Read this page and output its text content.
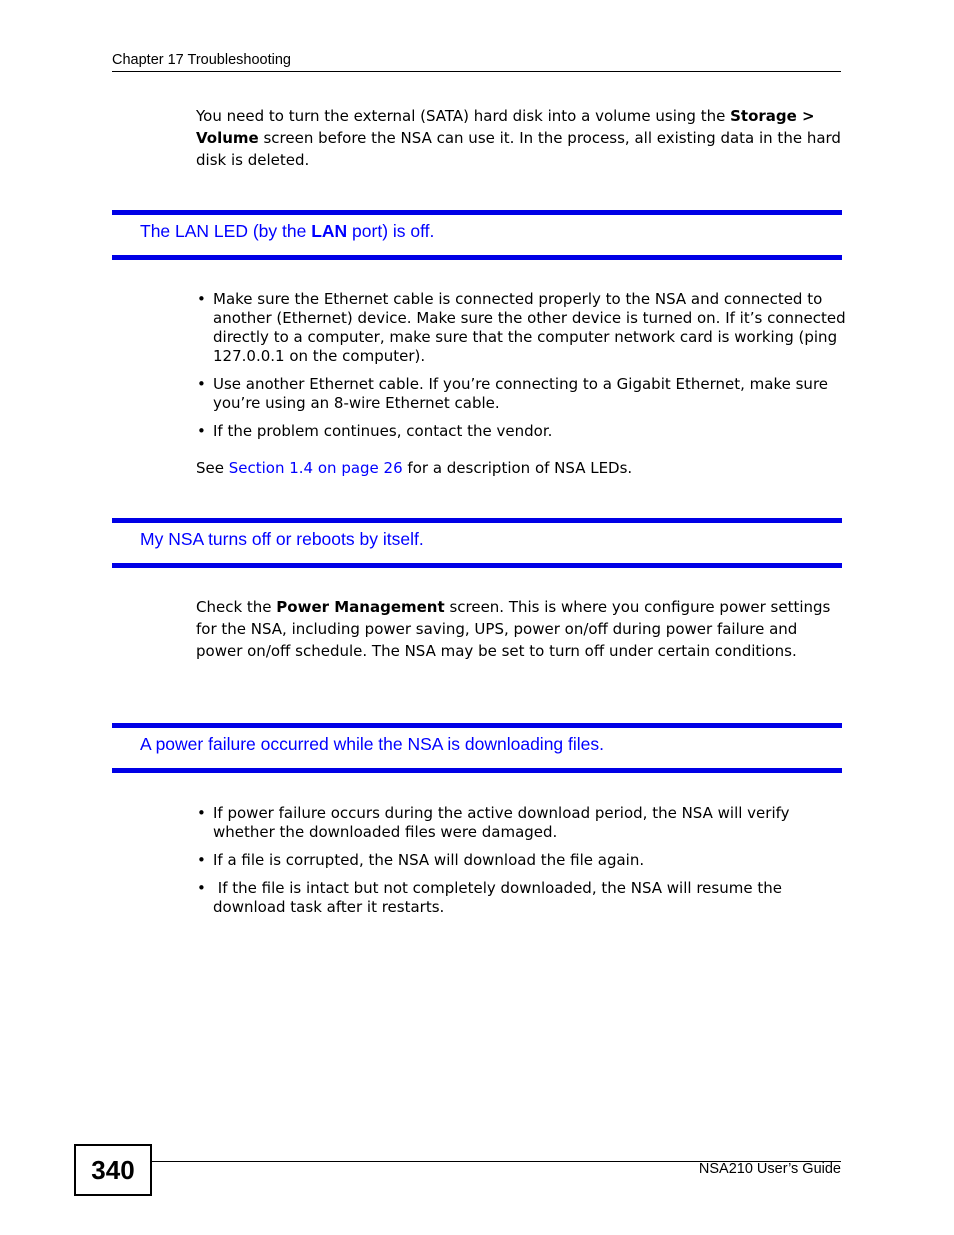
Chapter 17 Troubleshooting
You need to turn the external (SATA) hard disk into a volume using the Storage > Volume screen before the NSA can use it. In the process, all existing data in the hard disk is deleted.
The LAN LED (by the LAN port) is off.
• Make sure the Ethernet cable is connected properly to the NSA and connected to another (Ethernet) device. Make sure the other device is turned on. If it’s connected directly to a computer, make sure that the computer network card is working (ping 127.0.0.1 on the computer).
• Use another Ethernet cable. If you’re connecting to a Gigabit Ethernet, make sure you’re using an 8-wire Ethernet cable.
• If the problem continues, contact the vendor.
See Section 1.4 on page 26 for a description of NSA LEDs.
My NSA turns off or reboots by itself.
Check the Power Management screen. This is where you configure power settings for the NSA, including power saving, UPS, power on/off during power failure and power on/off schedule. The NSA may be set to turn off under certain conditions.
A power failure occurred while the NSA is downloading files.
• If power failure occurs during the active download period, the NSA will verify whether the downloaded files were damaged.
• If a file is corrupted, the NSA will download the file again.
• If the file is intact but not completely downloaded, the NSA will resume the download task after it restarts.
340	NSA210 User’s Guide
